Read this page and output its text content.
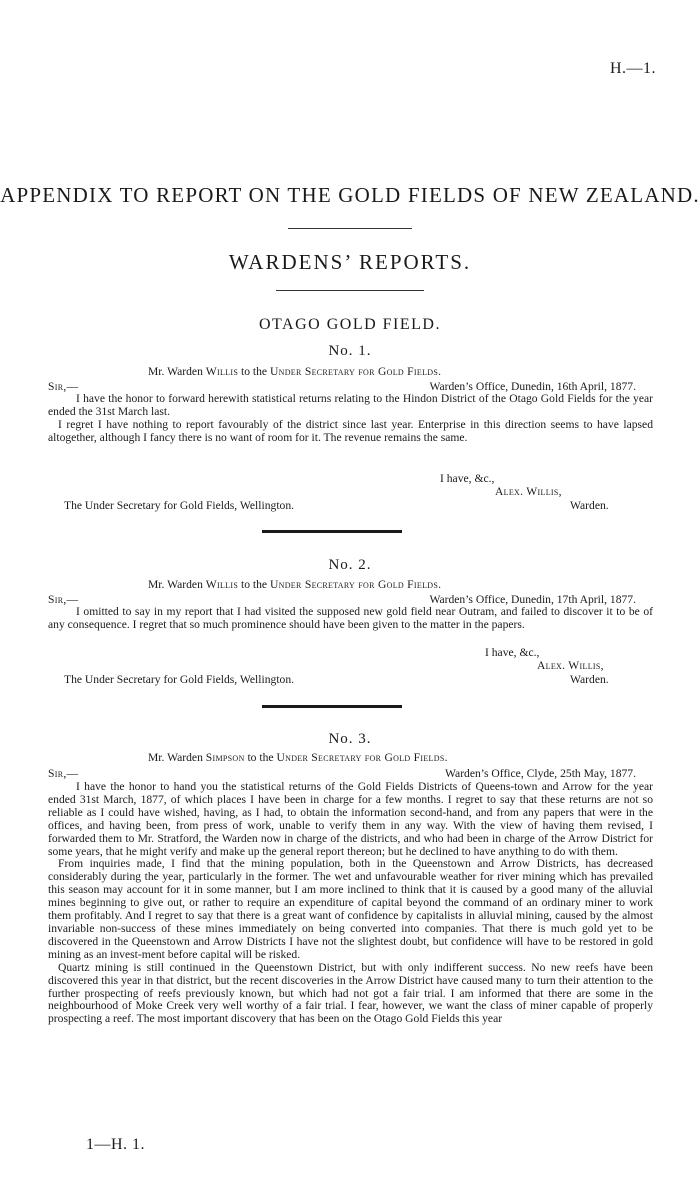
H.—1.
APPENDIX TO REPORT ON THE GOLD FIELDS OF NEW ZEALAND.
WARDENS’ REPORTS.
OTAGO GOLD FIELD.
No. 1.
Mr. Warden Willis to the Under Secretary for Gold Fields.
Sir,—	Warden’s Office, Dunedin, 16th April, 1877.

I have the honor to forward herewith statistical returns relating to the Hindon District of the Otago Gold Fields for the year ended the 31st March last.

I regret I have nothing to report favourably of the district since last year. Enterprise in this direction seems to have lapsed altogether, although I fancy there is no want of room for it. The revenue remains the same.

I have, &c.,
Alex. Willis,
The Under Secretary for Gold Fields, Wellington.	Warden.
No. 2.
Mr. Warden Willis to the Under Secretary for Gold Fields.
Sir,—	Warden’s Office, Dunedin, 17th April, 1877.

I omitted to say in my report that I had visited the supposed new gold field near Outram, and failed to discover it to be of any consequence. I regret that so much prominence should have been given to the matter in the papers.

I have, &c.,
Alex. Willis,
The Under Secretary for Gold Fields, Wellington.	Warden.
No. 3.
Mr. Warden Simpson to the Under Secretary for Gold Fields.
Sir,—	Warden’s Office, Clyde, 25th May, 1877.

I have the honor to hand you the statistical returns of the Gold Fields Districts of Queens-town and Arrow for the year ended 31st March, 1877, of which places I have been in charge for a few months. I regret to say that these returns are not so reliable as I could have wished, having, as I had, to obtain the information second-hand, and from any papers that were in the offices, and having been, from press of work, unable to verify them in any way. With the view of having them revised, I forwarded them to Mr. Stratford, the Warden now in charge of the districts, and who had been in charge of the Arrow District for some years, that he might verify and make up the general report thereon; but he declined to have anything to do with them.

From inquiries made, I find that the mining population, both in the Queenstown and Arrow Districts, has decreased considerably during the year, particularly in the former. The wet and unfavourable weather for river mining which has prevailed this season may account for it in some manner, but I am more inclined to think that it is caused by a good many of the alluvial mines beginning to give out, or rather to require an expenditure of capital beyond the command of an ordinary miner to work them profitably. And I regret to say that there is a great want of confidence by capitalists in alluvial mining, caused by the almost invariable non-success of these mines immediately on being converted into companies. That there is much gold yet to be discovered in the Queenstown and Arrow Districts I have not the slightest doubt, but confidence will have to be restored in gold mining as an invest-ment before capital will be risked.

Quartz mining is still continued in the Queenstown District, but with only indifferent success. No new reefs have been discovered this year in that district, but the recent discoveries in the Arrow District have caused many to turn their attention to the further prospecting of reefs previously known, but which had not got a fair trial. I am informed that there are some in the neighbourhood of Moke Creek very well worthy of a fair trial. I fear, however, we want the class of miner capable of properly prospecting a reef. The most important discovery that has been on the Otago Gold Fields this year

1—H. 1.
